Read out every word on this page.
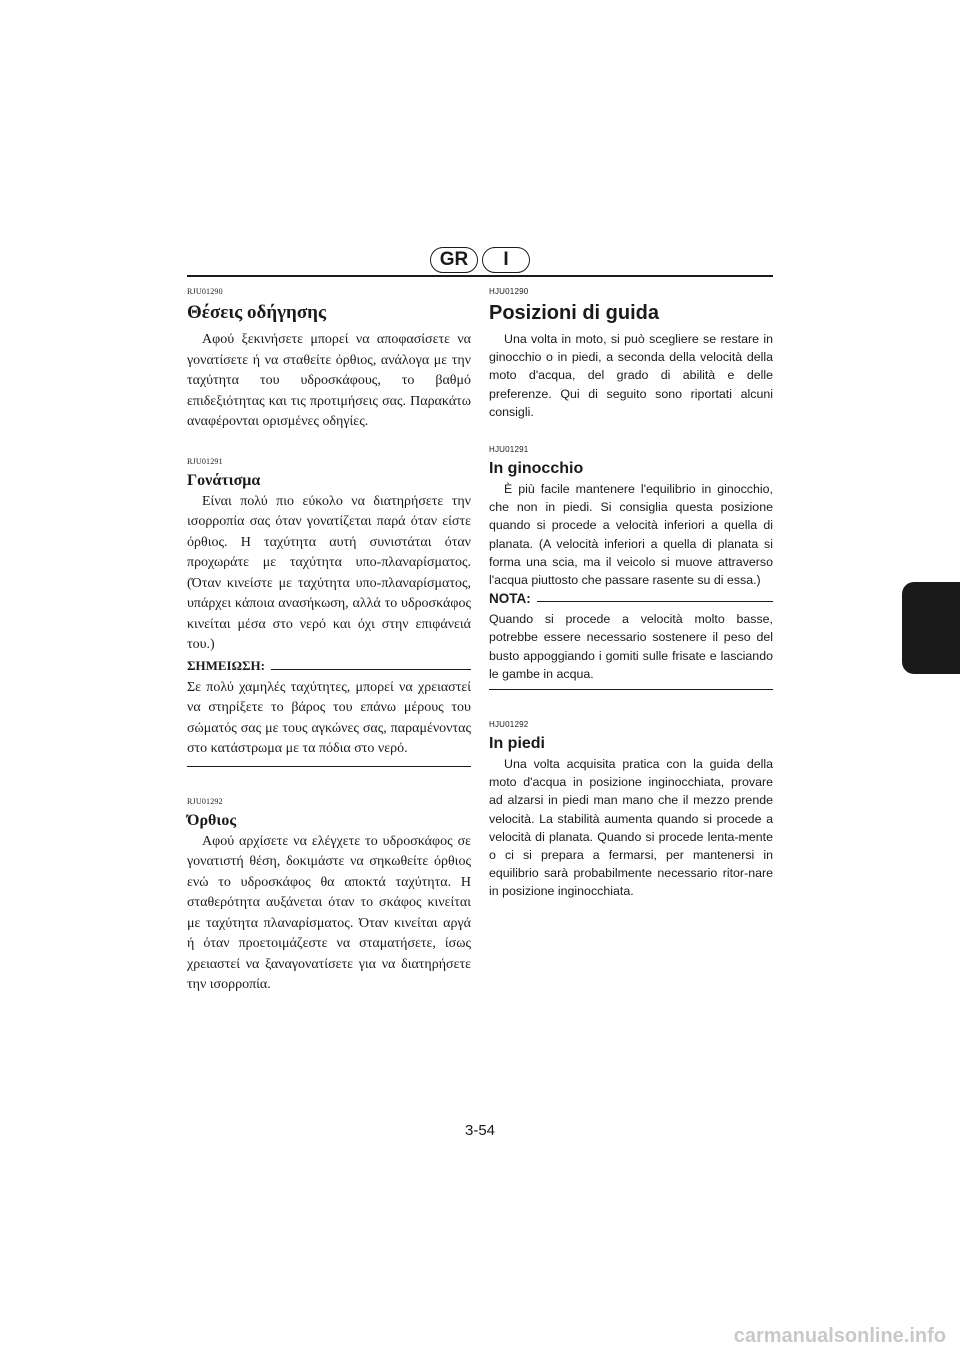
GR	I
RJU01290
Θέσεις οδήγησης

Αφού ξεκινήσετε μπορεί να αποφασίσετε να γονατίσετε ή να σταθείτε όρθιος, ανάλογα με την ταχύτητα του υδροσκάφους, το βαθμό επιδεξιότητας και τις προτιμήσεις σας. Παρακάτω αναφέρονται ορισμένες οδηγίες.

RJU01291
Γονάτισμα

Είναι πολύ πιο εύκολο να διατηρήσετε την ισορροπία σας όταν γονατίζεται παρά όταν είστε όρθιος. Η ταχύτητα αυτή συνιστάται όταν προχωράτε με ταχύτητα υπο-πλαναρίσματος. (Όταν κινείστε με ταχύτητα υπο-πλαναρίσματος, υπάρχει κάποια ανασήκωση, αλλά το υδροσκάφος κινείται μέσα στο νερό και όχι στην επιφάνειά του.)

ΣΗΜΕΙΩΣΗ:

Σε πολύ χαμηλές ταχύτητες, μπορεί να χρειαστεί να στηρίξετε το βάρος του επάνω μέρους του σώματός σας με τους αγκώνες σας, παραμένοντας στο κατάστρωμα με τα πόδια στο νερό.

RJU01292
Όρθιος

Αφού αρχίσετε να ελέγχετε το υδροσκάφος σε γονατιστή θέση, δοκιμάστε να σηκωθείτε όρθιος ενώ το υδροσκάφος θα αποκτά ταχύτητα. Η σταθερότητα αυξάνεται όταν το σκάφος κινείται με ταχύτητα πλαναρίσματος. Όταν κινείται αργά ή όταν προετοιμάζεστε να σταματήσετε, ίσως χρειαστεί να ξαναγονατίσετε για να διατηρήσετε την ισορροπία.

HJU01290
Posizioni di guida

Una volta in moto, si può scegliere se restare in ginocchio o in piedi, a seconda della velocità della moto d'acqua, del grado di abilità e delle preferenze. Qui di seguito sono riportati alcuni consigli.

HJU01291
In ginocchio

È più facile mantenere l'equilibrio in ginocchio, che non in piedi. Si consiglia questa posizione quando si procede a velocità inferiori a quella di planata. (A velocità inferiori a quella di planata si forma una scia, ma il veicolo si muove attraverso l'acqua piuttosto che passare rasente su di essa.)

NOTA:

Quando si procede a velocità molto basse, potrebbe essere necessario sostenere il peso del busto appoggiando i gomiti sulle frisate e lasciando le gambe in acqua.

HJU01292
In piedi

Una volta acquisita pratica con la guida della moto d'acqua in posizione inginocchiata, provare ad alzarsi in piedi man mano che il mezzo prende velocità. La stabilità aumenta quando si procede a velocità di planata. Quando si procede lenta-mente o ci si prepara a fermarsi, per mantenersi in equilibrio sarà probabilmente necessario ritor-nare in posizione inginocchiata.

3-54
carmanualsonline.info
